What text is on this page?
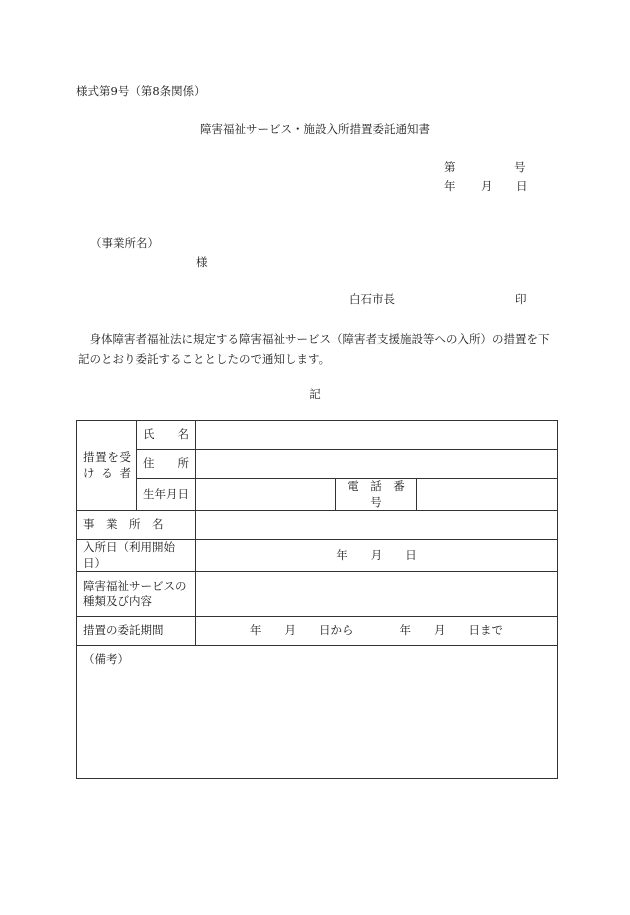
様式第9号（第8条関係）
障害福祉サービス・施設入所措置委託通知書
第	号
年 月 日
（事業所名）
様
白石市長	印
身体障害者福祉法に規定する障害福祉サービス（障害者支援施設等への入所）の措置を下記のとおり委託することとしたので通知します。
記
措置を受ける者	氏　　名			
	住　　所			
	生年月日		電　話　番　号	
事　業　所　名				
入所日（利用開始日）		年　　月　　日		

障害福祉サービスの種類及び内容				

措置の委託期間		年　　月　　日から　　　　年　　月　　日まで		

（備考）				
